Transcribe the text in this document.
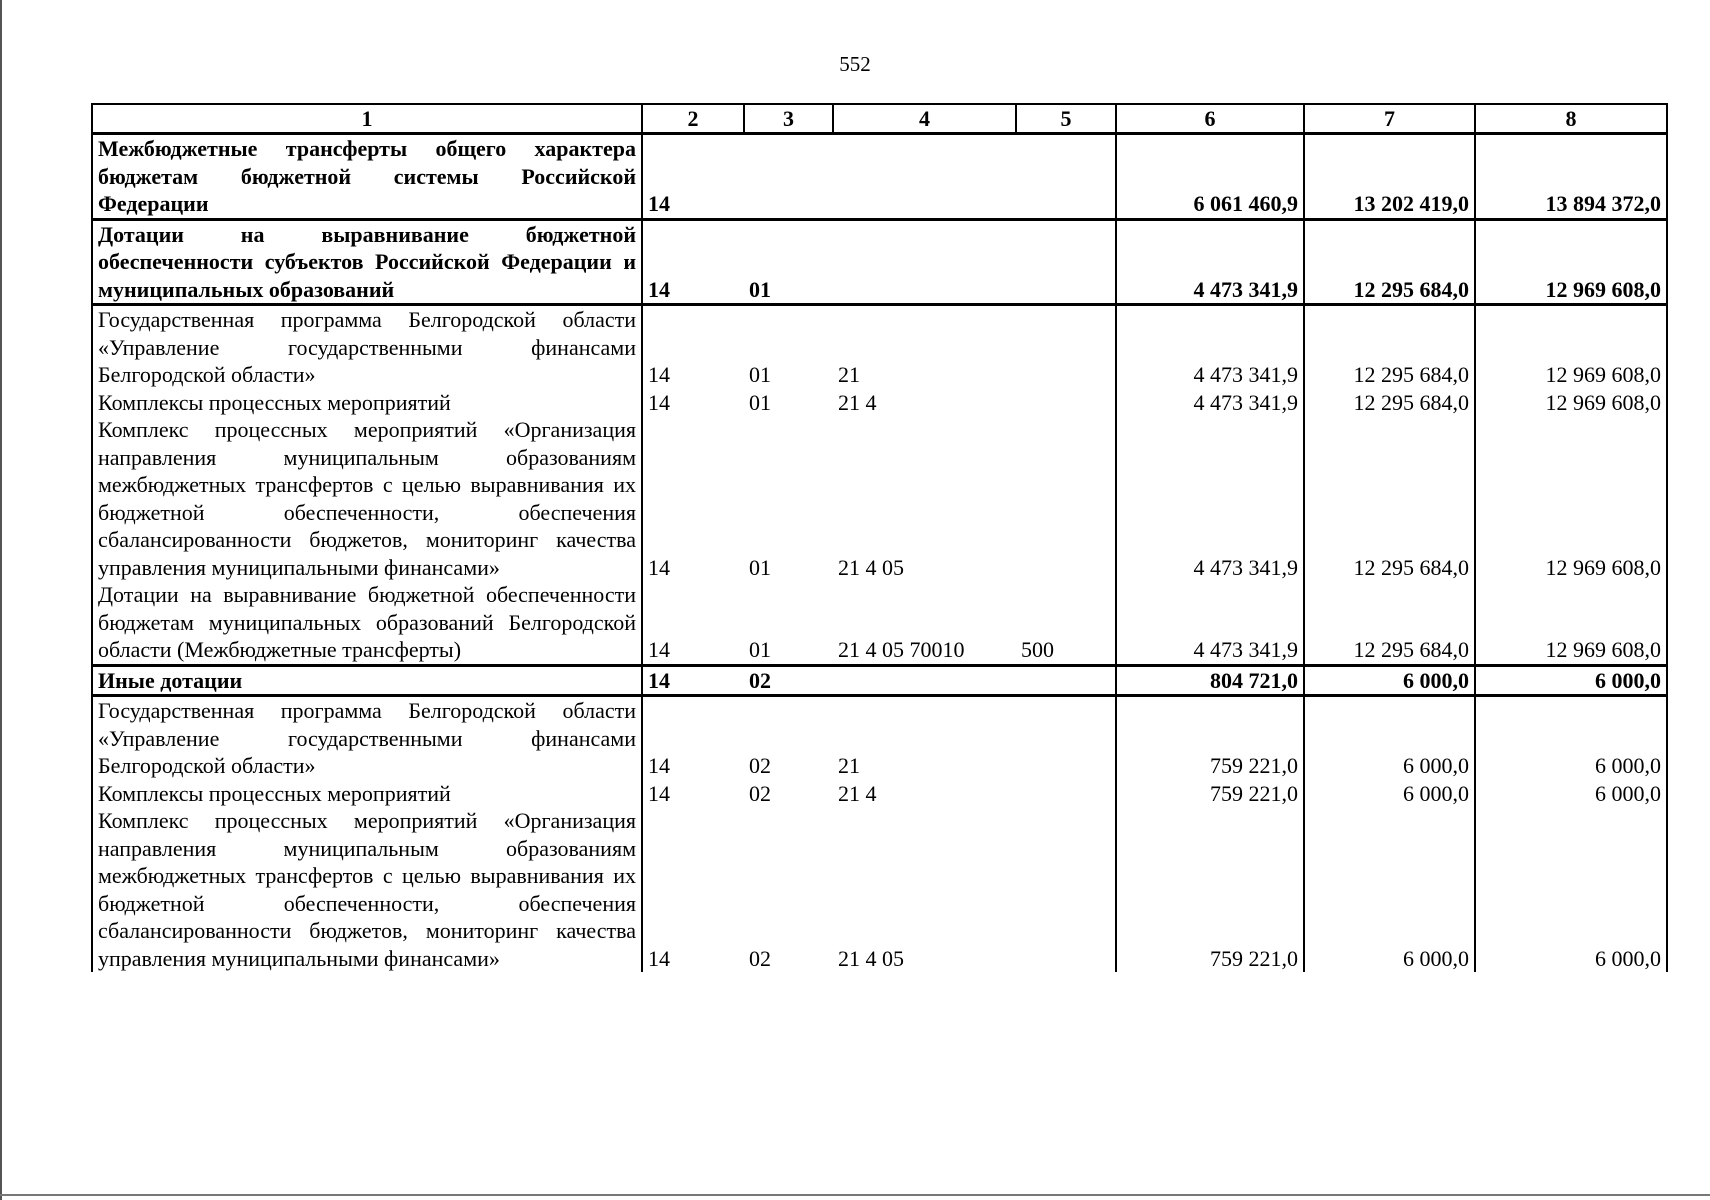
552
1	2	3	4	5	6	7	8
Межбюджетные трансферты общего характера бюджетам бюджетной системы Российской Федерации	14				6 061 460,9	13 202 419,0	13 894 372,0
Дотации на выравнивание бюджетной обеспеченности субъектов Российской Федерации и муниципальных образований	14	01			4 473 341,9	12 295 684,0	12 969 608,0
Государственная программа Белгородской области «Управление государственными финансами Белгородской области»	14	01	21		4 473 341,9	12 295 684,0	12 969 608,0
Комплексы процессных мероприятий	14	01	21 4		4 473 341,9	12 295 684,0	12 969 608,0
Комплекс процессных мероприятий «Организация направления муниципальным образованиям межбюджетных трансфертов с целью выравнивания их бюджетной обеспеченности, обеспечения сбалансированности бюджетов, мониторинг качества управления муниципальными финансами»	14	01	21 4 05		4 473 341,9	12 295 684,0	12 969 608,0
Дотации на выравнивание бюджетной обеспеченности бюджетам муниципальных образований Белгородской области (Межбюджетные трансферты)	14	01	21 4 05 70010	500	4 473 341,9	12 295 684,0	12 969 608,0
Иные дотации	14	02			804 721,0	6 000,0	6 000,0
Государственная программа Белгородской области «Управление государственными финансами Белгородской области»	14	02	21		759 221,0	6 000,0	6 000,0
Комплексы процессных мероприятий	14	02	21 4		759 221,0	6 000,0	6 000,0
Комплекс процессных мероприятий «Организация направления муниципальным образованиям межбюджетных трансфертов с целью выравнивания их бюджетной обеспеченности, обеспечения сбалансированности бюджетов, мониторинг качества управления муниципальными финансами»	14	02	21 4 05		759 221,0	6 000,0	6 000,0
